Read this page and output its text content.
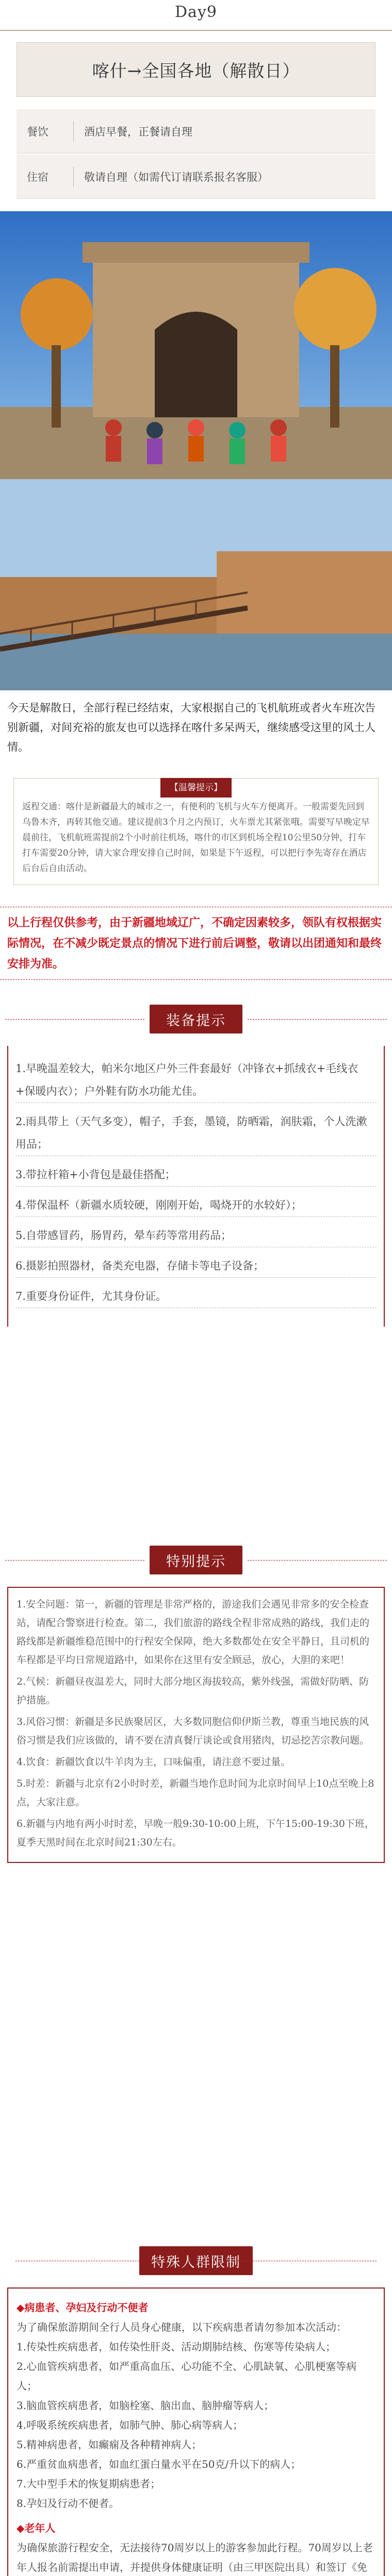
Day9
喀什→全国各地（解散日）
餐饮	酒店早餐，正餐请自理
住宿	敬请自理（如需代订请联系报名客服）
今天是解散日，全部行程已经结束，大家根据自己的飞机航班或者火车班次告别新疆，对间充裕的旅友也可以选择在喀什多呆两天，继续感受这里的风土人情。
【温馨提示】
返程交通：喀什是新疆最大的城市之一，有便利的飞机与火车方便离开。一般需要先回到乌鲁木齐，再转其他交通。建议提前3个月之内预订，火车票尤其紧张哦。需要写早晚定早晨前往，飞机航班需提前2个小时前往机场，喀什的市区到机场全程10公里50分钟，打车打车需要20分钟，请大家合理安排自己时间，如果是下午返程，可以把行李先寄存在酒店后台后自由活动。
以上行程仅供参考，由于新疆地域辽广，不确定因素较多，领队有权根据实际情况，在不减少既定景点的情况下进行前后调整，敬请以出团通知和最终安排为准。
装备提示

1.早晚温差较大，帕米尔地区户外三件套最好（冲锋衣+抓绒衣+毛线衣+保暖内衣）；户外鞋有防水功能尤佳。

2.雨具带上（天气多变），帽子，手套，墨镜，防晒霜，润肤霜，个人洗漱用品；

3.带拉杆箱+小背包是最佳搭配；

4.带保温杯（新疆水质较硬，刚刚开始，喝烧开的水较好）；

5.自带感冒药，肠胃药，晕车药等常用药品；

6.摄影拍照器材，备类充电器，存储卡等电子设备；

7.重要身份证件，尤其身份证。

特别提示

1.安全问题：第一，新疆的管理是非常严格的，游途我们会遇见非常多的安全检查站，请配合警察进行检查。第二，我们旅游的路线全程非常成熟的路线，我们走的路线都是新疆维稳范围中的行程安全保障，绝大多数都处在安全平静日，且司机的车程都是平均日常规道路中，如果你在这里有安全顾忌，放心，大胆的来吧！

2.气候：新疆昼夜温差大，同时大部分地区海拔较高，紫外线强，需做好防晒、防护措施。

3.风俗习惯：新疆是多民族聚居区，大多数同胞信仰伊斯兰教，尊重当地民族的风俗习惯是我们应该做的，请不要在清真餐厅谈论或食用猪肉，切忌挖苦宗教问题。

4.饮食：新疆饮食以牛羊肉为主，口味偏重，请注意不要过量。

5.时差：新疆与北京有2小时时差，新疆当地作息时间为北京时间早上10点至晚上8点，大家注意。

6.新疆与内地有两小时时差，早晚一般9:30-10:00上班，下午15:00-19:30下班，夏季天黑时间在北京时间21:30左右。

特殊人群限制
◆病患者、孕妇及行动不便者
为了确保旅游期间全行人员身心健康，以下疾病患者请勿参加本次活动：
1.传染性疾病患者，如传染性肝炎、活动期肺结核、伤寒等传染病人；
2.心血管疾病患者，如严重高血压、心功能不全、心肌缺氧、心肌梗塞等病人；
3.脑血管疾病患者，如脑栓塞、脑出血、脑肿瘤等病人；
4.呼吸系统疾病患者，如肺气肿、肺心病等病人；
5.精神病患者，如癫痫及各种精神病人；
6.严重贫血病患者，如血红蛋白量水平在50克/升以下的病人；
7.大中型手术的恢复期病患者；
8.孕妇及行动不便者。
◆老年人
为确保旅游行程安全，无法接待70周岁以上的游客参加此行程。70周岁以上老年人报名前需提出申请，并提供身体健康证明（由三甲医院出具）和签订《免
